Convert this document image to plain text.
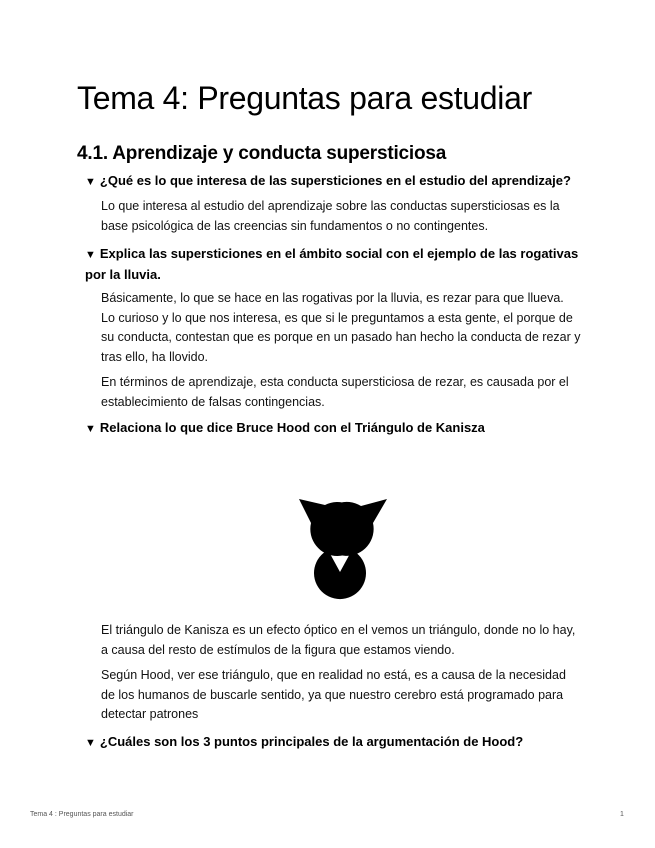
Tema 4: Preguntas para estudiar
4.1. Aprendizaje y conducta supersticiosa
▼ ¿Qué es lo que interesa de las supersticiones en el estudio del aprendizaje?

Lo que interesa al estudio del aprendizaje sobre las conductas supersticiosas es la base psicológica de las creencias sin fundamentos o no contingentes.

▼ Explica las supersticiones en el ámbito social con el ejemplo de las rogativas por la lluvia.

Básicamente, lo que se hace en las rogativas por la lluvia, es rezar para que llueva. Lo curioso y lo que nos interesa, es que si le preguntamos a esta gente, el porque de su conducta, contestan que es porque en un pasado han hecho la conducta de rezar y tras ello, ha llovido.

En términos de aprendizaje, esta conducta supersticiosa de rezar, es causada por el establecimiento de falsas contingencias.

▼ Relaciona lo que dice Bruce Hood con el Triángulo de Kanisza

El triángulo de Kanisza es un efecto óptico en el vemos un triángulo, donde no lo hay, a causa del resto de estímulos de la figura que estamos viendo.

Según Hood, ver ese triángulo, que en realidad no está, es a causa de la necesidad de los humanos de buscarle sentido, ya que nuestro cerebro está programado para detectar patrones

▼ ¿Cuáles son los 3 puntos principales de la argumentación de Hood?
Tema 4 : Preguntas para estudiar	1
